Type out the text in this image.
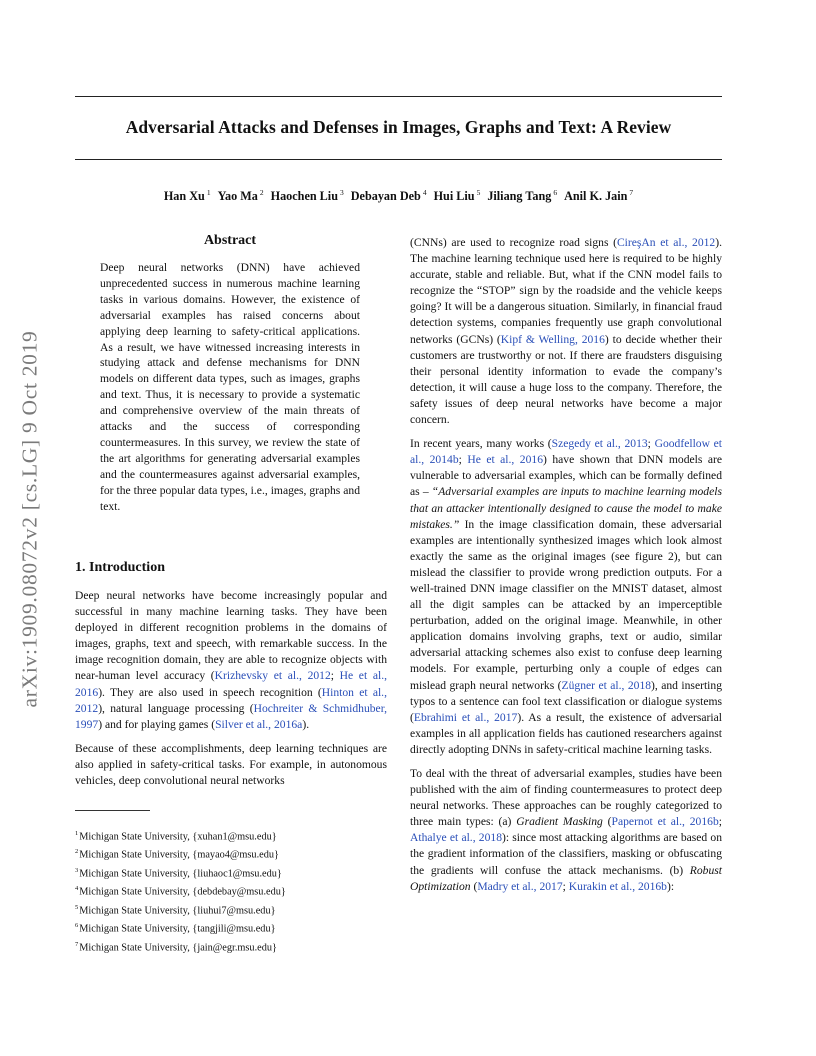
arXiv:1909.08072v2 [cs.LG] 9 Oct 2019
Adversarial Attacks and Defenses in Images, Graphs and Text: A Review
Han Xu $^1$ Yao Ma $^2$ Haochen Liu $^3$ Debayan Deb $^4$ Hui Liu $^5$ Jiliang Tang $^6$ Anil K. Jain $^7$
Abstract
Deep neural networks (DNN) have achieved unprecedented success in numerous machine learning tasks in various domains. However, the existence of adversarial examples has raised concerns about applying deep learning to safety-critical applications. As a result, we have witnessed increasing interests in studying attack and defense mechanisms for DNN models on different data types, such as images, graphs and text. Thus, it is necessary to provide a systematic and comprehensive overview of the main threats of attacks and the success of corresponding countermeasures. In this survey, we review the state of the art algorithms for generating adversarial examples and the countermeasures against adversarial examples, for the three popular data types, i.e., images, graphs and text.
1. Introduction

Deep neural networks have become increasingly popular and successful in many machine learning tasks. They have been deployed in different recognition problems in the domains of images, graphs, text and speech, with remarkable success. In the image recognition domain, they are able to recognize objects with near-human level accuracy (Krizhevsky et al., 2012; He et al., 2016). They are also used in speech recognition (Hinton et al., 2012), natural language processing (Hochreiter & Schmidhuber, 1997) and for playing games (Silver et al., 2016a).

Because of these accomplishments, deep learning techniques are also applied in safety-critical tasks. For example, in autonomous vehicles, deep convolutional neural networks

(CNNs) are used to recognize road signs (CireşAn et al., 2012). The machine learning technique used here is required to be highly accurate, stable and reliable. But, what if the CNN model fails to recognize the “STOP” sign by the roadside and the vehicle keeps going? It will be a dangerous situation. Similarly, in financial fraud detection systems, companies frequently use graph convolutional networks (GCNs) (Kipf & Welling, 2016) to decide whether their customers are trustworthy or not. If there are fraudsters disguising their personal identity information to evade the company’s detection, it will cause a huge loss to the company. Therefore, the safety issues of deep neural networks have become a major concern.

In recent years, many works (Szegedy et al., 2013; Goodfellow et al., 2014b; He et al., 2016) have shown that DNN models are vulnerable to adversarial examples, which can be formally defined as – “Adversarial examples are inputs to machine learning models that an attacker intentionally designed to cause the model to make mistakes.” In the image classification domain, these adversarial examples are intentionally synthesized images which look almost exactly the same as the original images (see figure 2), but can mislead the classifier to provide wrong prediction outputs. For a well-trained DNN image classifier on the MNIST dataset, almost all the digit samples can be attacked by an imperceptible perturbation, added on the original image. Meanwhile, in other application domains involving graphs, text or audio, similar adversarial attacking schemes also exist to confuse deep learning models. For example, perturbing only a couple of edges can mislead graph neural networks (Zügner et al., 2018), and inserting typos to a sentence can fool text classification or dialogue systems (Ebrahimi et al., 2017). As a result, the existence of adversarial examples in all application fields has cautioned researchers against directly adopting DNNs in safety-critical machine learning tasks.

To deal with the threat of adversarial examples, studies have been published with the aim of finding countermeasures to protect deep neural networks. These approaches can be roughly categorized to three main types: (a) Gradient Masking (Papernot et al., 2016b; Athalye et al., 2018): since most attacking algorithms are based on the gradient information of the classifiers, masking or obfuscating the gradients will confuse the attack mechanisms. (b) Robust Optimization (Madry et al., 2017; Kurakin et al., 2016b):

$^1$Michigan State University, {xuhan1@msu.edu}
$^2$Michigan State University, {mayao4@msu.edu}
$^3$Michigan State University, {liuhaoc1@msu.edu}
$^4$Michigan State University, {debdebay@msu.edu}
$^5$Michigan State University, {liuhui7@msu.edu}
$^6$Michigan State University, {tangjili@msu.edu}
$^7$Michigan State University, {jain@egr.msu.edu}
